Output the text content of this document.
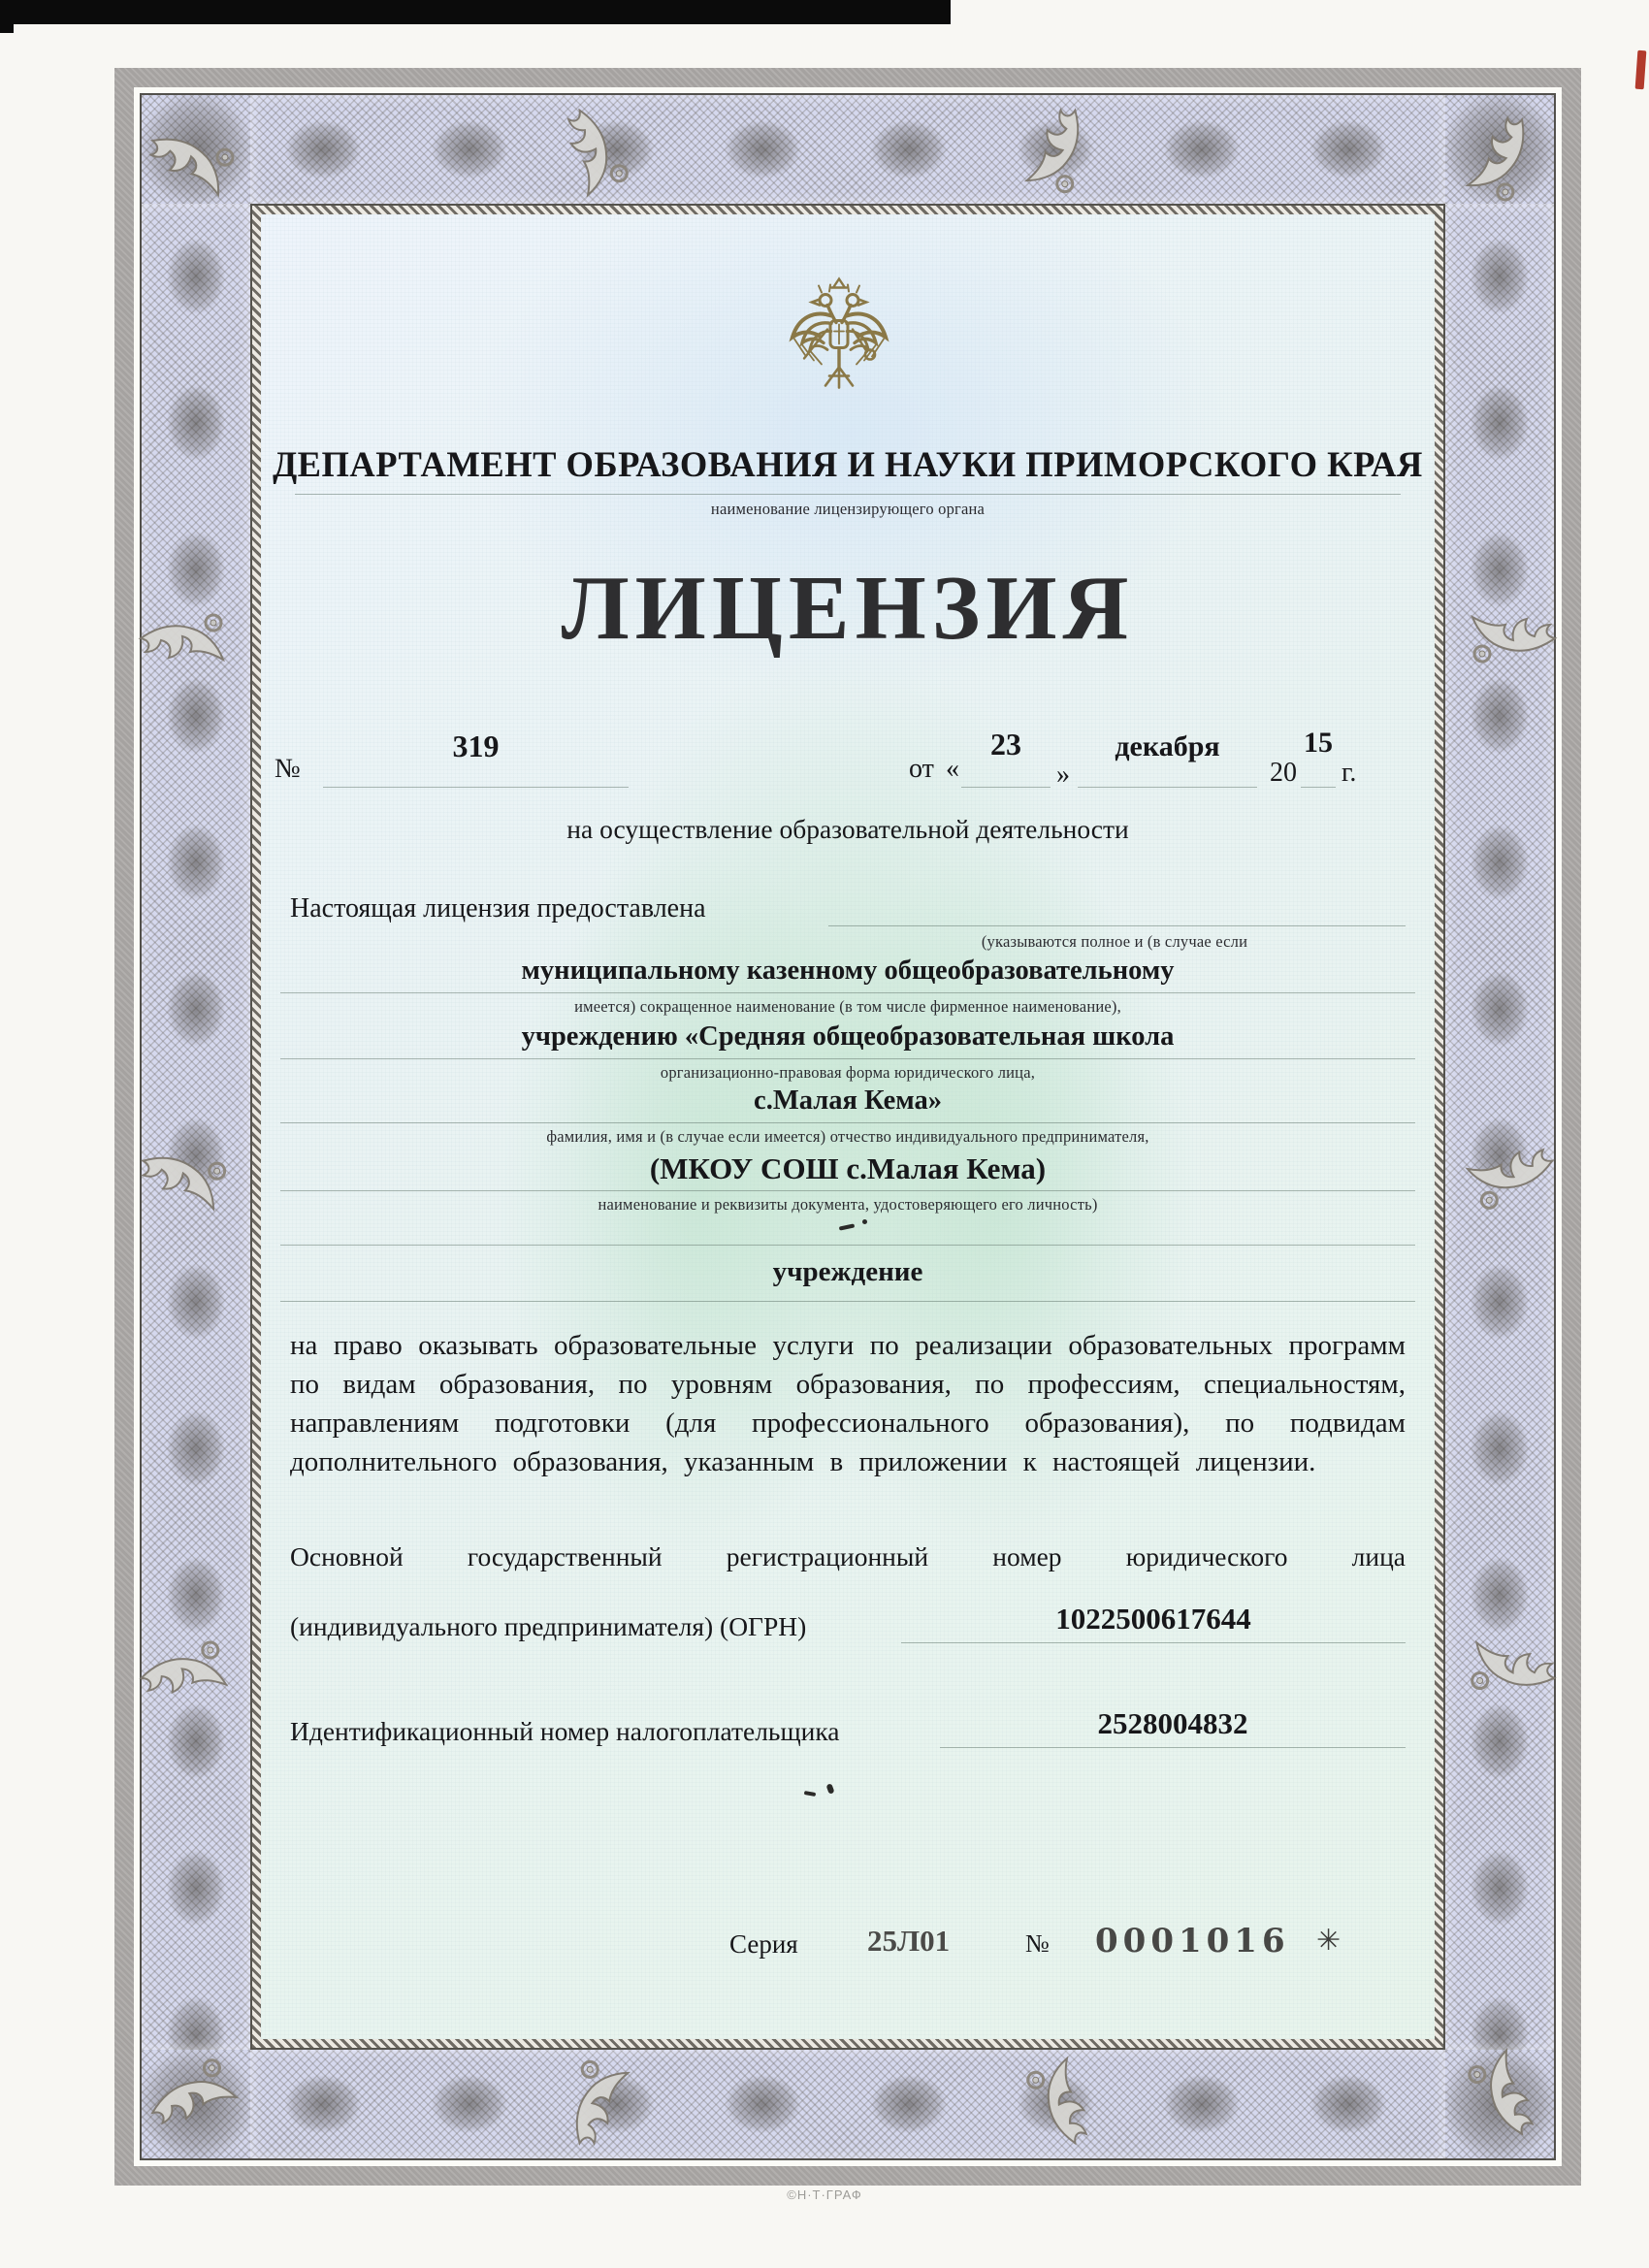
ДЕПАРТАМЕНТ ОБРАЗОВАНИЯ И НАУКИ ПРИМОРСКОГО КРАЯ
наименование лицензирующего органа
ЛИЦЕНЗИЯ
№
319
от «
23
»
декабря
20
15
г.
на осуществление образовательной деятельности
Настоящая лицензия предоставлена
(указываются полное и (в случае если
муниципальному казенному общеобразовательному
имеется) сокращенное наименование (в том числе фирменное наименование),
учреждению «Средняя общеобразовательная школа
организационно-правовая форма юридического лица,
с.Малая Кема»
фамилия, имя и (в случае если имеется) отчество индивидуального предпринимателя,
(МКОУ СОШ с.Малая Кема)
наименование и реквизиты документа, удостоверяющего его личность)
учреждение
на право оказывать образовательные услуги по реализации образовательных программ по видам образования, по уровням образования, по профессиям, специальностям, направлениям подготовки (для профессионального образования), по подвидам дополнительного образования, указанным в приложении к настоящей лицензии.
Основной государственный регистрационный номер юридического лица
(индивидуального предпринимателя) (ОГРН)	1022500617644
Идентификационный номер налогоплательщика	2528004832
Серия 25Л01	№ 0001016 ✳
©Н·Т·ГРАФ
